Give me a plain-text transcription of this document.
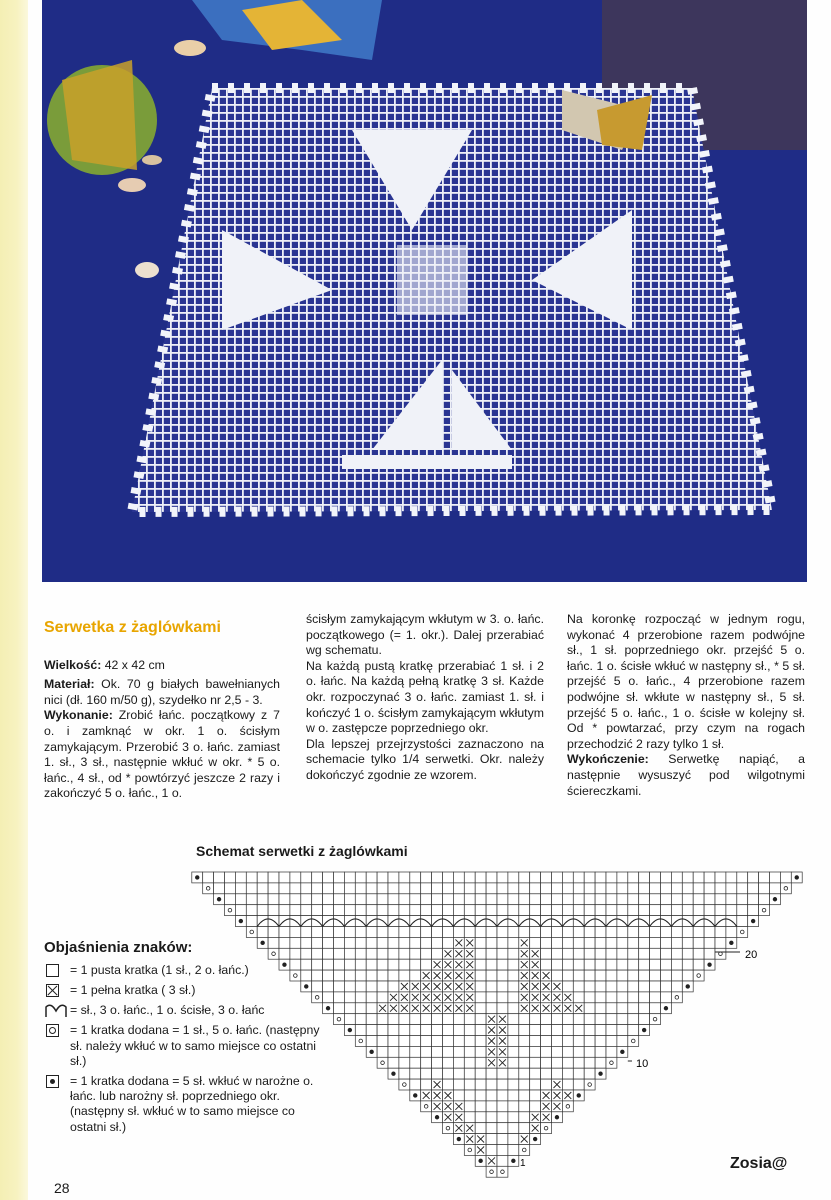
Serwetka z żaglówkami

Wielkość: 42 x 42 cm

Materiał: Ok. 70 g białych bawełnianych nici (dł. 160 m/50 g), szydełko nr 2,5 - 3.

Wykonanie: Zrobić łańc. początkowy z 7 o. i zamknąć w okr. 1 o. ścisłym zamykającym. Przerobić 3 o. łańc. zamiast 1. sł., 3 sł., następnie wkłuć w okr. * 5 o. łańc., 4 sł., od * powtórzyć jeszcze 2 razy i zakończyć 5 o. łańc., 1 o.

ścisłym zamykającym wkłutym w 3. o. łańc. początkowego (= 1. okr.). Dalej przerabiać wg schematu.

Na każdą pustą kratkę przerabiać 1 sł. i 2 o. łańc. Na każdą pełną kratkę 3 sł. Każde okr. rozpoczynać 3 o. łańc. zamiast 1. sł. i kończyć 1 o. ścisłym zamykającym wkłutym w o. zastępcze poprzedniego okr.

Dla lepszej przejrzystości zaznaczono na schemacie tylko 1/4 serwetki. Okr. należy dokończyć zgodnie ze wzorem.

Na koronkę rozpocząć w jednym rogu, wykonać 4 przerobione razem podwójne sł., 1 sł. poprzedniego okr. przejść 5 o. łańc. 1 o. ścisłe wkłuć w następny sł., * 5 sł. przejść 5 o. łańc., 4 przerobione razem podwójne sł. wkłute w następny sł., 5 sł. przejść 5 o. łańc., 1 o. ścisłe w kolejny sł. Od * powtarzać, przy czym na rogach przechodzić 2 razy tylko 1 sł.

Wykończenie: Serwetkę napiąć, a następnie wysuszyć pod wilgotnymi ściereczkami.

Schemat serwetki z żaglówkami
20
10
1
Objaśnienia znaków:
= 1 pusta kratka (1 sł., 2 o. łańc.)
= 1 pełna kratka ( 3 sł.)
= sł., 3 o. łańc., 1 o. ścisłe, 3 o. łańc
= 1 kratka dodana = 1 sł., 5 o. łańc. (następny sł. należy wkłuć w to samo miejsce co ostatni sł.)
= 1 kratka dodana = 5 sł. wkłuć w narożne o. łańc. lub narożny sł. poprzedniego okr. (następny sł. wkłuć w to samo miejsce co ostatni sł.)
28
Zosia@
